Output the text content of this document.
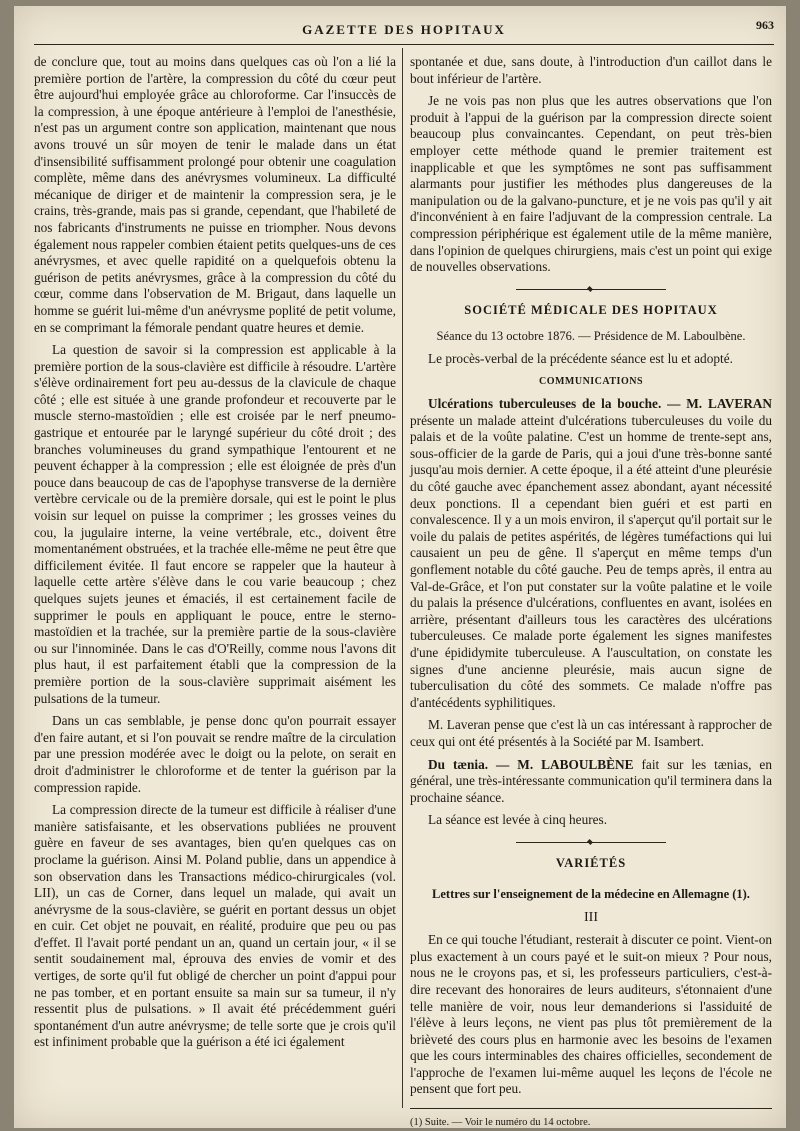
GAZETTE DES HOPITAUX	963

de conclure que, tout au moins dans quelques cas où l'on a lié la première portion de l'artère, la compression du côté du cœur peut être aujourd'hui employée grâce au chloroforme. Car l'insuccès de la compression, à une époque antérieure à l'emploi de l'anesthésie, n'est pas un argument contre son application, maintenant que nous avons trouvé un sûr moyen de tenir le malade dans un état d'insensibilité suffisamment prolongé pour obtenir une coagulation complète, même dans des anévrysmes volumineux. La difficulté mécanique de diriger et de maintenir la compression sera, je le crains, très-grande, mais pas si grande, cependant, que l'habileté de nos fabricants d'instruments ne puisse en triompher. Nous devons également nous rappeler combien étaient petits quelques-uns de ces anévrysmes, et avec quelle rapidité on a quelquefois obtenu la guérison de petits anévrysmes, grâce à la compression du côté du cœur, comme dans l'observation de M. Brigaut, dans laquelle un homme se guérit lui-même d'un anévrysme poplité de petit volume, en se comprimant la fémorale pendant quatre heures et demie.

La question de savoir si la compression est applicable à la première portion de la sous-clavière est difficile à résoudre. L'artère s'élève ordinairement fort peu au-dessus de la clavicule de chaque côté ; elle est située à une grande profondeur et recouverte par le muscle sterno-mastoïdien ; elle est croisée par le nerf pneumo-gastrique et entourée par le laryngé supérieur du côté droit ; des branches volumineuses du grand sympathique l'entourent et ne peuvent échapper à la compression ; elle est éloignée de près d'un pouce dans beaucoup de cas de l'apophyse transverse de la dernière vertèbre cervicale ou de la première dorsale, qui est le point le plus voisin sur lequel on puisse la comprimer ; les grosses veines du cou, la jugulaire interne, la veine vertébrale, etc., doivent être momentanément obstruées, et la trachée elle-même ne peut être que difficilement évitée. Il faut encore se rappeler que la hauteur à laquelle cette artère s'élève dans le cou varie beaucoup ; chez quelques sujets jeunes et émaciés, il est certainement facile de supprimer le pouls en appliquant le pouce, entre le sterno-mastoïdien et la trachée, sur la première partie de la sous-clavière ou sur l'innominée. Dans le cas d'O'Reilly, comme nous l'avons dit plus haut, il est parfaitement établi que la compression de la première portion de la sous-clavière supprimait aisément les pulsations de la tumeur.

Dans un cas semblable, je pense donc qu'on pourrait essayer d'en faire autant, et si l'on pouvait se rendre maître de la circulation par une pression modérée avec le doigt ou la pelote, on serait en droit d'administrer le chloroforme et de tenter la guérison par la compression rapide.

La compression directe de la tumeur est difficile à réaliser d'une manière satisfaisante, et les observations publiées ne prouvent guère en faveur de ses avantages, bien qu'en quelques cas on proclame la guérison. Ainsi M. Poland publie, dans un appendice à son observation dans les Transactions médico-chirurgicales (vol. LII), un cas de Corner, dans lequel un malade, qui avait un anévrysme de la sous-clavière, se guérit en portant dessus un objet en cuir. Cet objet ne pouvait, en réalité, produire que peu ou pas d'effet. Il l'avait porté pendant un an, quand un certain jour, « il se sentit soudainement mal, éprouva des envies de vomir et des vertiges, de sorte qu'il fut obligé de chercher un point d'appui pour ne pas tomber, et en portant ensuite sa main sur sa tumeur, il n'y ressentit plus de pulsations. » Il avait été précédemment guéri spontanément d'un autre anévrysme; de telle sorte que je crois qu'il est infiniment probable que la guérison a été ici également

spontanée et due, sans doute, à l'introduction d'un caillot dans le bout inférieur de l'artère.

Je ne vois pas non plus que les autres observations que l'on produit à l'appui de la guérison par la compression directe soient beaucoup plus convaincantes. Cependant, on peut très-bien employer cette méthode quand le premier traitement est inapplicable et que les symptômes ne sont pas suffisamment alarmants pour justifier les méthodes plus dangereuses de la manipulation ou de la galvano-puncture, et je ne vois pas qu'il y ait d'inconvénient à en faire l'adjuvant de la compression centrale. La compression périphérique est également utile de la même manière, dans l'opinion de quelques chirurgiens, mais c'est un point qui exige de nouvelles observations.

SOCIÉTÉ MÉDICALE DES HOPITAUX
Séance du 13 octobre 1876. — Présidence de M. Laboulbène.

Le procès-verbal de la précédente séance est lu et adopté.

COMMUNICATIONS

Ulcérations tuberculeuses de la bouche. — M. LAVERAN présente un malade atteint d'ulcérations tuberculeuses du voile du palais et de la voûte palatine. C'est un homme de trente-sept ans, sous-officier de la garde de Paris, qui a joui d'une très-bonne santé jusqu'au mois dernier. A cette époque, il a été atteint d'une pleurésie du côté gauche avec épanchement assez abondant, ayant nécessité deux ponctions. Il a cependant bien guéri et est parti en convalescence. Il y a un mois environ, il s'aperçut qu'il portait sur le voile du palais de petites aspérités, de légères tuméfactions qui lui causaient un peu de gêne. Il s'aperçut en même temps d'un gonflement notable du côté gauche. Peu de temps après, il entra au Val-de-Grâce, et l'on put constater sur la voûte palatine et le voile du palais la présence d'ulcérations, confluentes en avant, isolées en arrière, présentant d'ailleurs tous les caractères des ulcérations tuberculeuses. Ce malade porte également les signes manifestes d'une épididymite tuberculeuse. A l'auscultation, on constate les signes d'une ancienne pleurésie, mais aucun signe de tuberculisation du côté des sommets. Ce malade n'offre pas d'antécédents syphilitiques.

M. Laveran pense que c'est là un cas intéressant à rapprocher de ceux qui ont été présentés à la Société par M. Isambert.

Du tænia. — M. LABOULBÈNE fait sur les tænias, en général, une très-intéressante communication qu'il terminera dans la prochaine séance.

La séance est levée à cinq heures.

VARIÉTÉS
Lettres sur l'enseignement de la médecine en Allemagne (1).
III

En ce qui touche l'étudiant, resterait à discuter ce point. Vient-on plus exactement à un cours payé et le suit-on mieux ? Pour nous, nous ne le croyons pas, et si, les professeurs particuliers, c'est-à-dire recevant des honoraires de leurs auditeurs, s'étonnaient d'une telle manière de voir, nous leur demanderions si l'assiduité de l'élève à leurs leçons, ne vient pas plus tôt premièrement de la brièveté des cours plus en harmonie avec les besoins de l'examen que les cours interminables des chaires officielles, secondement de l'approche de l'examen lui-même auquel les leçons de l'école ne pensent que fort peu.

(1) Suite. — Voir le numéro du 14 octobre.
